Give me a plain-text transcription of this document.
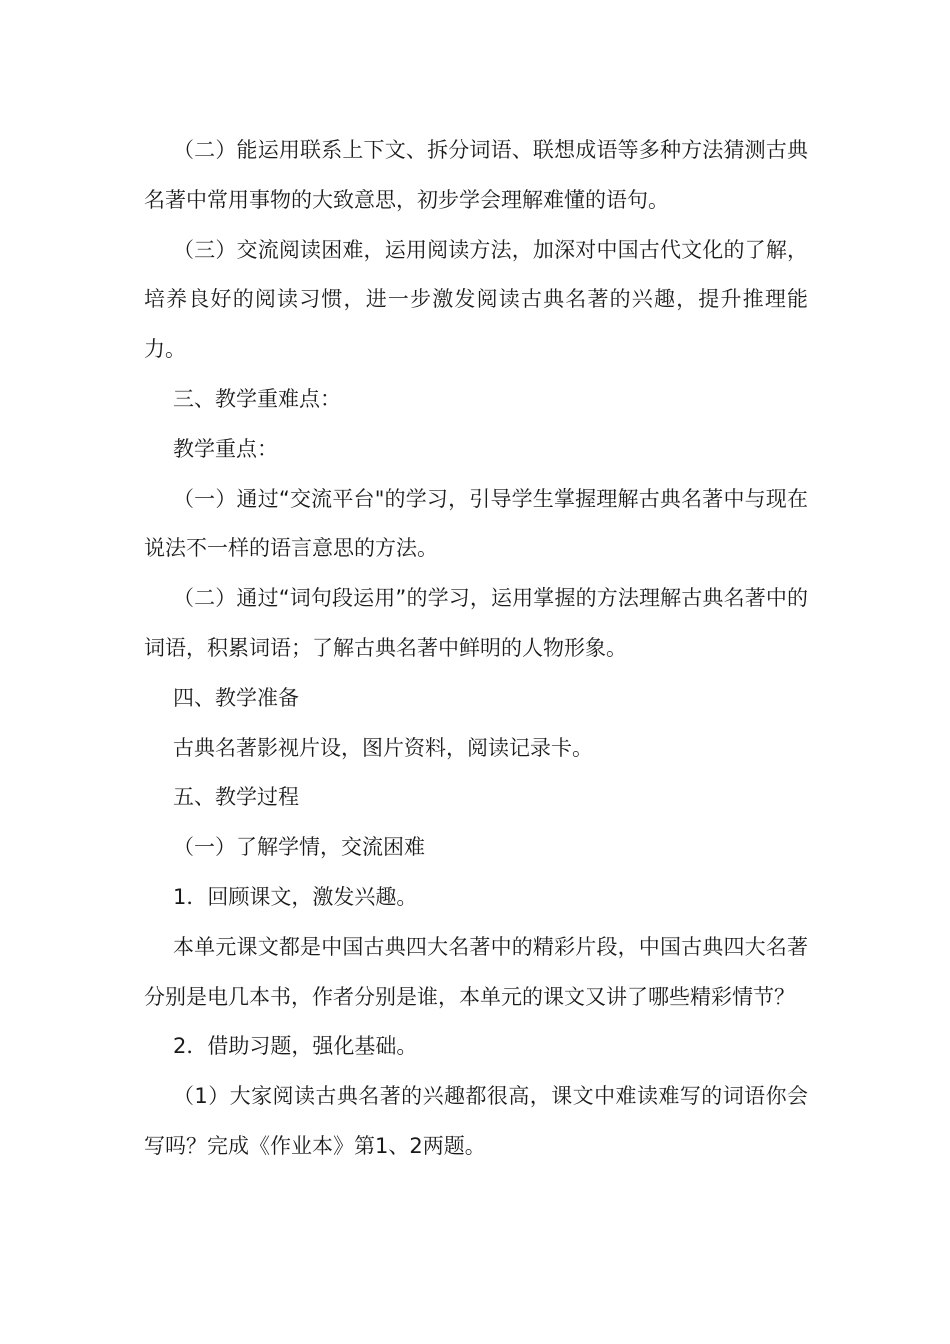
（二）能运用联系上下文、拆分词语、联想成语等多种方法猜测古典名著中常用事物的大致意思，初步学会理解难懂的语句。

（三）交流阅读困难，运用阅读方法，加深对中国古代文化的了解，培养良好的阅读习惯，进一步激发阅读古典名著的兴趣，提升推理能力。

三、教学重难点：

教学重点：

（一）通过“交流平台"的学习，引导学生掌握理解古典名著中与现在说法不一样的语言意思的方法。

（二）通过“词句段运用”的学习，运用掌握的方法理解古典名著中的词语，积累词语；了解古典名著中鲜明的人物形象。

四、教学准备

古典名著影视片设，图片资料，阅读记录卡。

五、教学过程

（一）了解学情，交流困难

1．回顾课文，激发兴趣。

本单元课文都是中国古典四大名著中的精彩片段，中国古典四大名著分别是电几本书，作者分别是谁，本单元的课文又讲了哪些精彩情节？

2．借助习题，强化基础。

（1）大家阅读古典名著的兴趣都很高，课文中难读难写的词语你会写吗？完成《作业本》第1、2两题。
